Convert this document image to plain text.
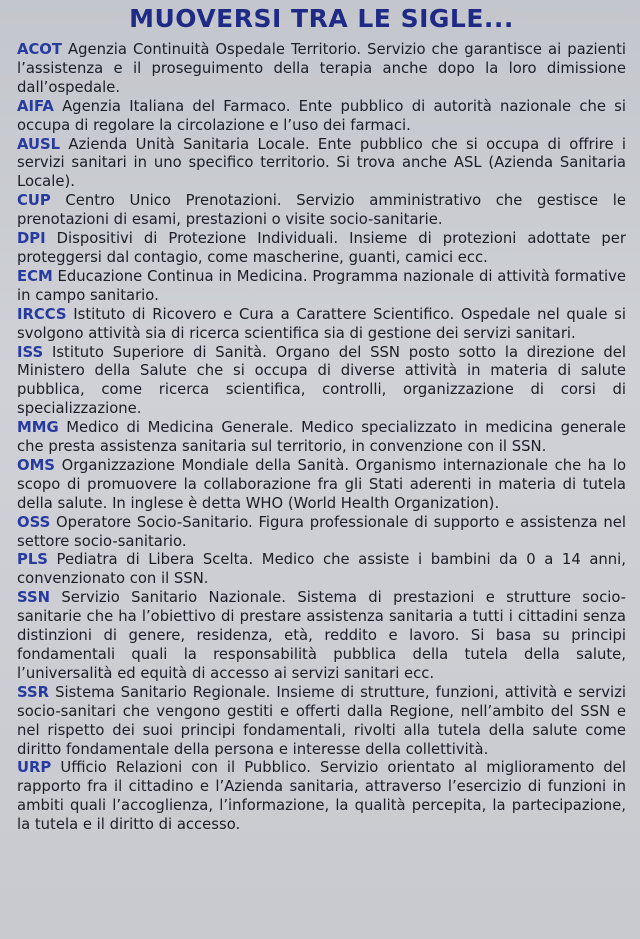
MUOVERSI TRA LE SIGLE...

ACOT Agenzia Continuità Ospedale Territorio. Servizio che garantisce ai pazienti l’assistenza e il proseguimento della terapia anche dopo la loro dimissione dall’ospedale.

AIFA Agenzia Italiana del Farmaco. Ente pubblico di autorità nazionale che si occupa di regolare la circolazione e l’uso dei farmaci.

AUSL Azienda Unità Sanitaria Locale. Ente pubblico che si occupa di offrire i servizi sanitari in uno specifico territorio. Si trova anche ASL (Azienda Sanitaria Locale).

CUP Centro Unico Prenotazioni. Servizio amministrativo che gestisce le prenotazioni di esami, prestazioni o visite socio-sanitarie.

DPI Dispositivi di Protezione Individuali. Insieme di protezioni adottate per proteggersi dal contagio, come mascherine, guanti, camici ecc.

ECM Educazione Continua in Medicina. Programma nazionale di attività formative in campo sanitario.

IRCCS Istituto di Ricovero e Cura a Carattere Scientifico. Ospedale nel quale si svolgono attività sia di ricerca scientifica sia di gestione dei servizi sanitari.

ISS Istituto Superiore di Sanità. Organo del SSN posto sotto la direzione del Ministero della Salute che si occupa di diverse attività in materia di salute pubblica, come ricerca scientifica, controlli, organizzazione di corsi di specializzazione.

MMG Medico di Medicina Generale. Medico specializzato in medicina generale che presta assistenza sanitaria sul territorio, in convenzione con il SSN.

OMS Organizzazione Mondiale della Sanità. Organismo internazionale che ha lo scopo di promuovere la collaborazione fra gli Stati aderenti in materia di tutela della salute. In inglese è detta WHO (World Health Organization).

OSS Operatore Socio-Sanitario. Figura professionale di supporto e assistenza nel settore socio-sanitario.

PLS Pediatra di Libera Scelta. Medico che assiste i bambini da 0 a 14 anni, convenzionato con il SSN.

SSN Servizio Sanitario Nazionale. Sistema di prestazioni e strutture socio-sanitarie che ha l’obiettivo di prestare assistenza sanitaria a tutti i cittadini senza distinzioni di genere, residenza, età, reddito e lavoro. Si basa su principi fondamentali quali la responsabilità pubblica della tutela della salute, l’universalità ed equità di accesso ai servizi sanitari ecc.

SSR Sistema Sanitario Regionale. Insieme di strutture, funzioni, attività e servizi socio-sanitari che vengono gestiti e offerti dalla Regione, nell’ambito del SSN e nel rispetto dei suoi principi fondamentali, rivolti alla tutela della salute come diritto fondamentale della persona e interesse della collettività.

URP Ufficio Relazioni con il Pubblico. Servizio orientato al miglioramento del rapporto fra il cittadino e l’Azienda sanitaria, attraverso l’esercizio di funzioni in ambiti quali l’accoglienza, l’informazione, la qualità percepita, la partecipazione, la tutela e il diritto di accesso.
